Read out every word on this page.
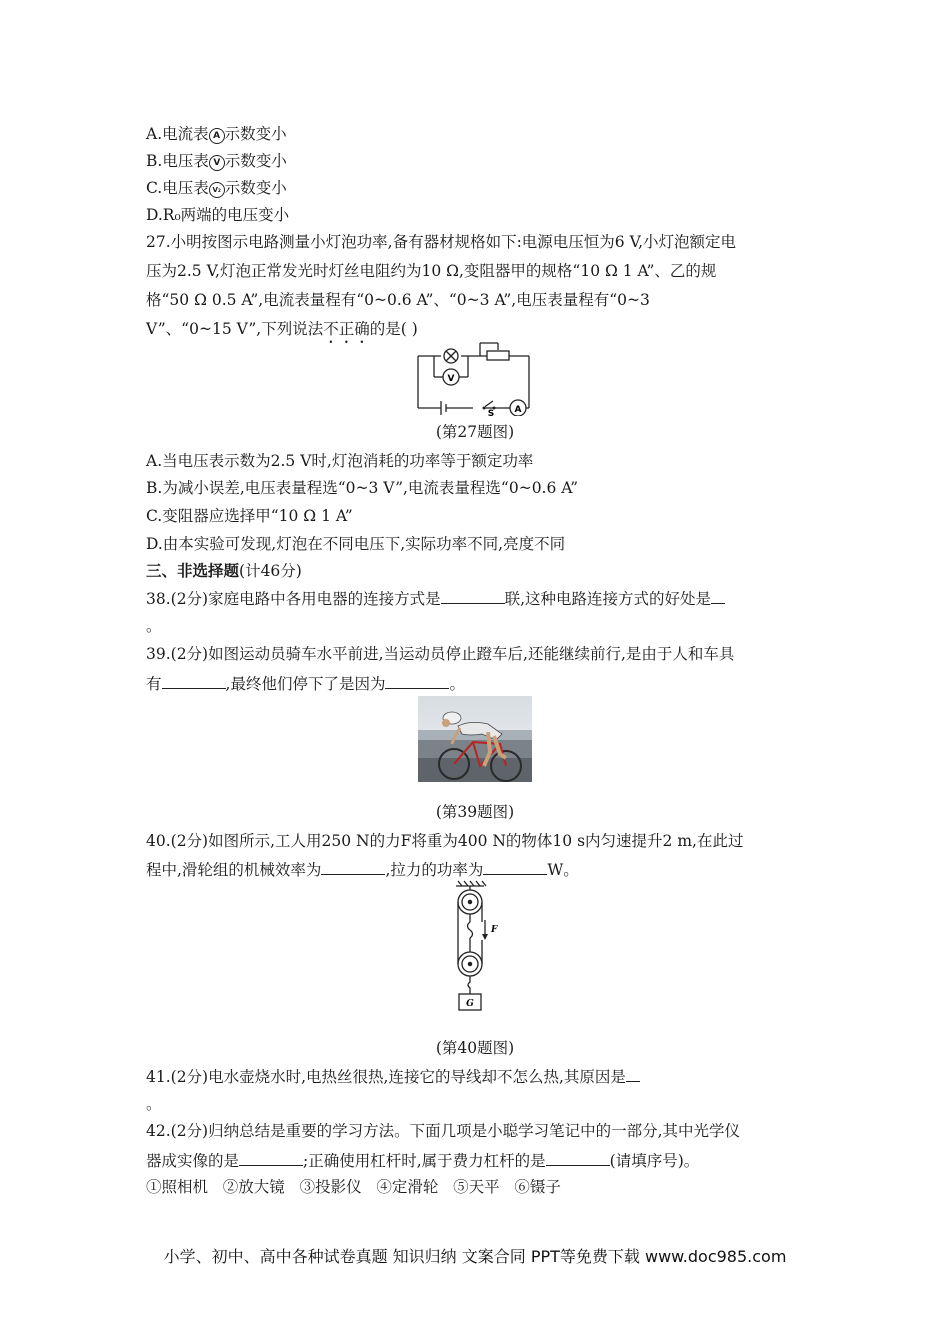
A.电流表 A 示数变小
B.电压表 V 示数变小
C.电压表 V₂ 示数变小
D.R₀两端的电压变小
27.小明按图示电路测量小灯泡功率,备有器材规格如下:电源电压恒为6 V,小灯泡额定电
压为2.5 V,灯泡正常发光时灯丝电阻约为10 Ω,变阻器甲的规格“10 Ω 1 A”、乙的规
格“50 Ω 0.5 A”,电流表量程有“0~0.6 A”、“0~3 A”,电压表量程有“0~3
V”、“0~15 V”,下列说法不正确的是( )
V
A
S
(第27题图)
A.当电压表示数为2.5 V时,灯泡消耗的功率等于额定功率
B.为减小误差,电压表量程选“0~3 V”,电流表量程选“0~0.6 A”
C.变阻器应选择甲“10 Ω 1 A”
D.由本实验可发现,灯泡在不同电压下,实际功率不同,亮度不同
三、非选择题(计46分)
38.(2分)家庭电路中各用电器的连接方式是	联,这种电路连接方式的好处是
。
39.(2分)如图运动员骑车水平前进,当运动员停止蹬车后,还能继续前行,是由于人和车具
有	,最终他们停下了是因为	。
(第39题图)
40.(2分)如图所示,工人用250 N的力F将重为400 N的物体10 s内匀速提升2 m,在此过
程中,滑轮组的机械效率为	,拉力的功率为	W。
F
G
(第40题图)
41.(2分)电水壶烧水时,电热丝很热,连接它的导线却不怎么热,其原因是
。
42.(2分)归纳总结是重要的学习方法。下面几项是小聪学习笔记中的一部分,其中光学仪
器成实像的是	;正确使用杠杆时,属于费力杠杆的是	(请填序号)。
①照相机   ②放大镜   ③投影仪   ④定滑轮   ⑤天平   ⑥镊子
小学、初中、高中各种试卷真题 知识归纳 文案合同 PPT等免费下载 www.doc985.com
